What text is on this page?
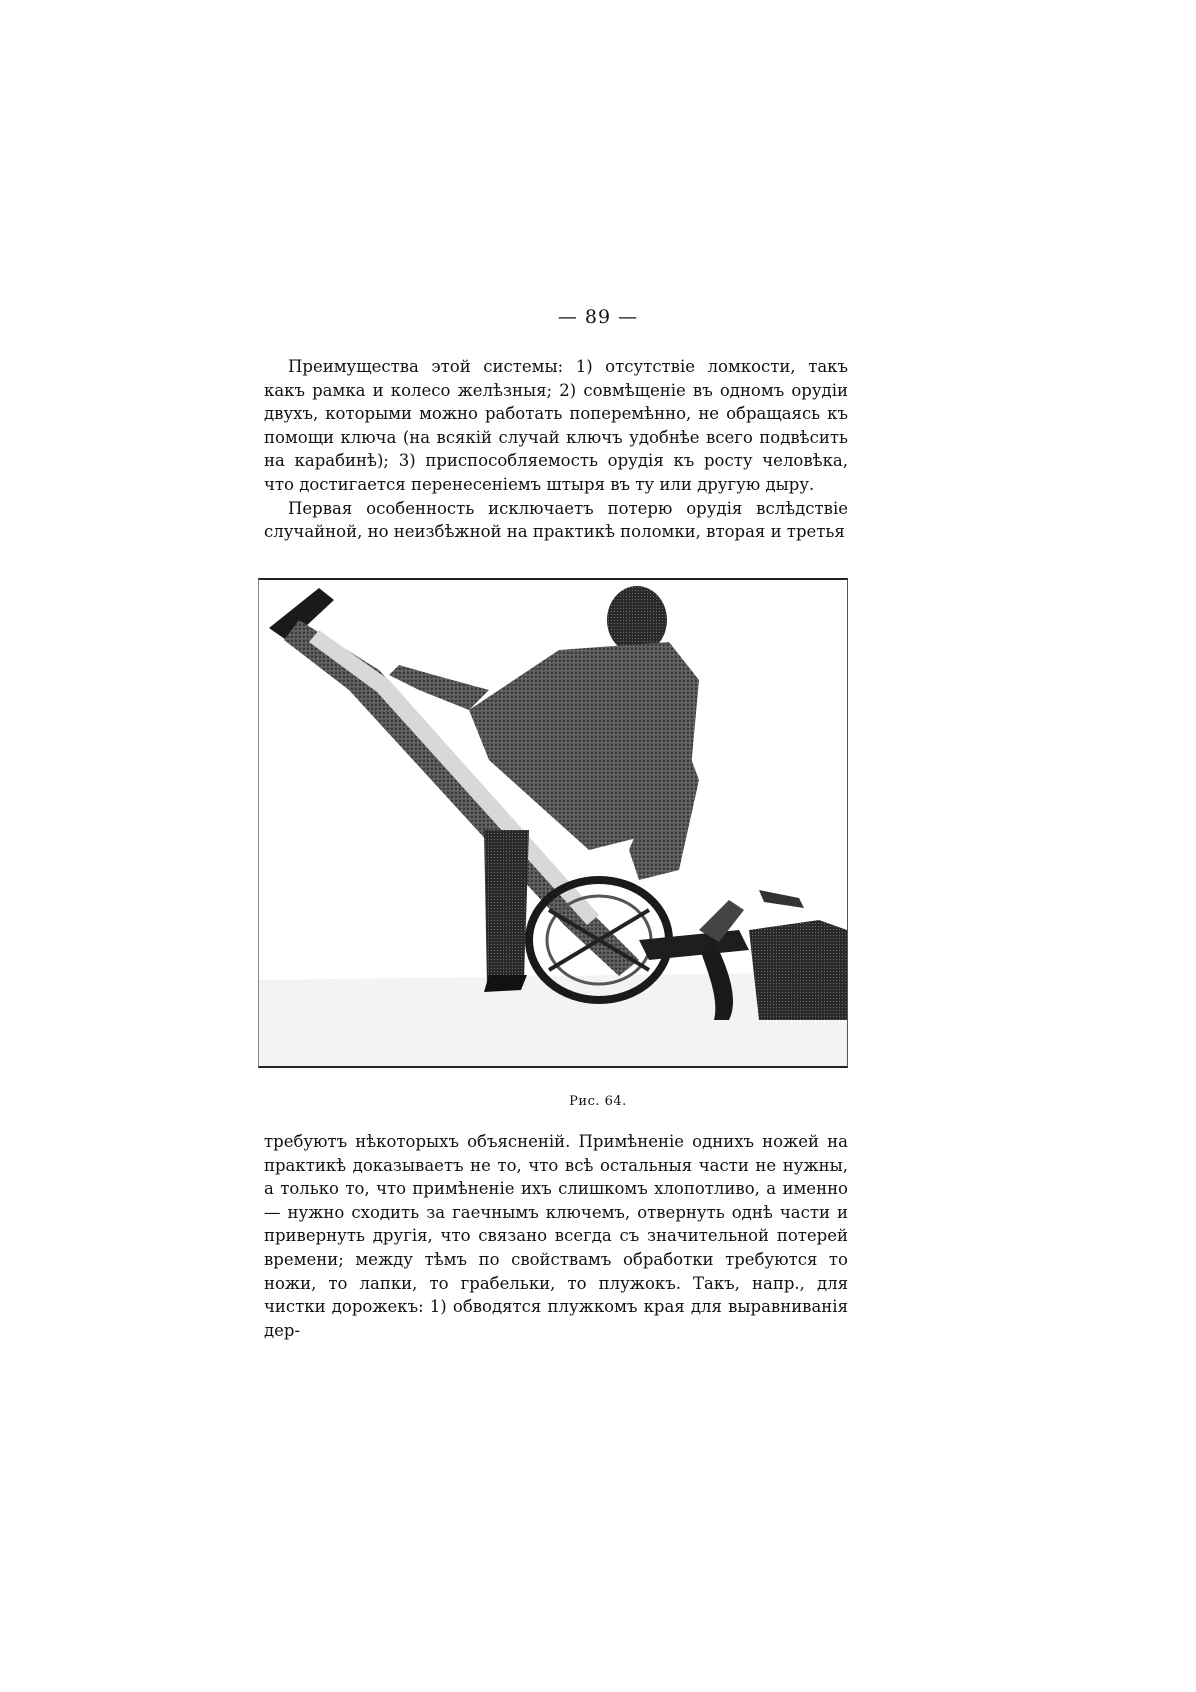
— 89 —

Преимущества этой системы: 1) отсутствіе ломкости, такъ какъ рамка и колесо желѣзныя; 2) совмѣщеніе въ одномъ орудіи двухъ, которыми можно работать поперемѣнно, не обращаясь къ помощи ключа (на всякій случай ключъ удобнѣе всего подвѣсить на карабинѣ); 3) приспособляемость орудія къ росту человѣка, что достигается перенесеніемъ штыря въ ту или другую дыру.

Первая особенность исключаетъ потерю орудія вслѣдствіе случайной, но неизбѣжной на практикѣ поломки, вторая и третья

Рис. 64.

требуютъ нѣкоторыхъ объясненій. Примѣненіе однихъ ножей на практикѣ доказываетъ не то, что всѣ остальныя части не нужны, а только то, что примѣненіе ихъ слишкомъ хлопотливо, а именно— нужно сходить за гаечнымъ ключемъ, отвернуть однѣ части и привернуть другія, что связано всегда съ значительной потерей времени; между тѣмъ по свойствамъ обработки требуются то ножи, то лапки, то грабельки, то плужокъ. Такъ, напр., для чистки дорожекъ: 1) обводятся плужкомъ края для выравниванія дер-
